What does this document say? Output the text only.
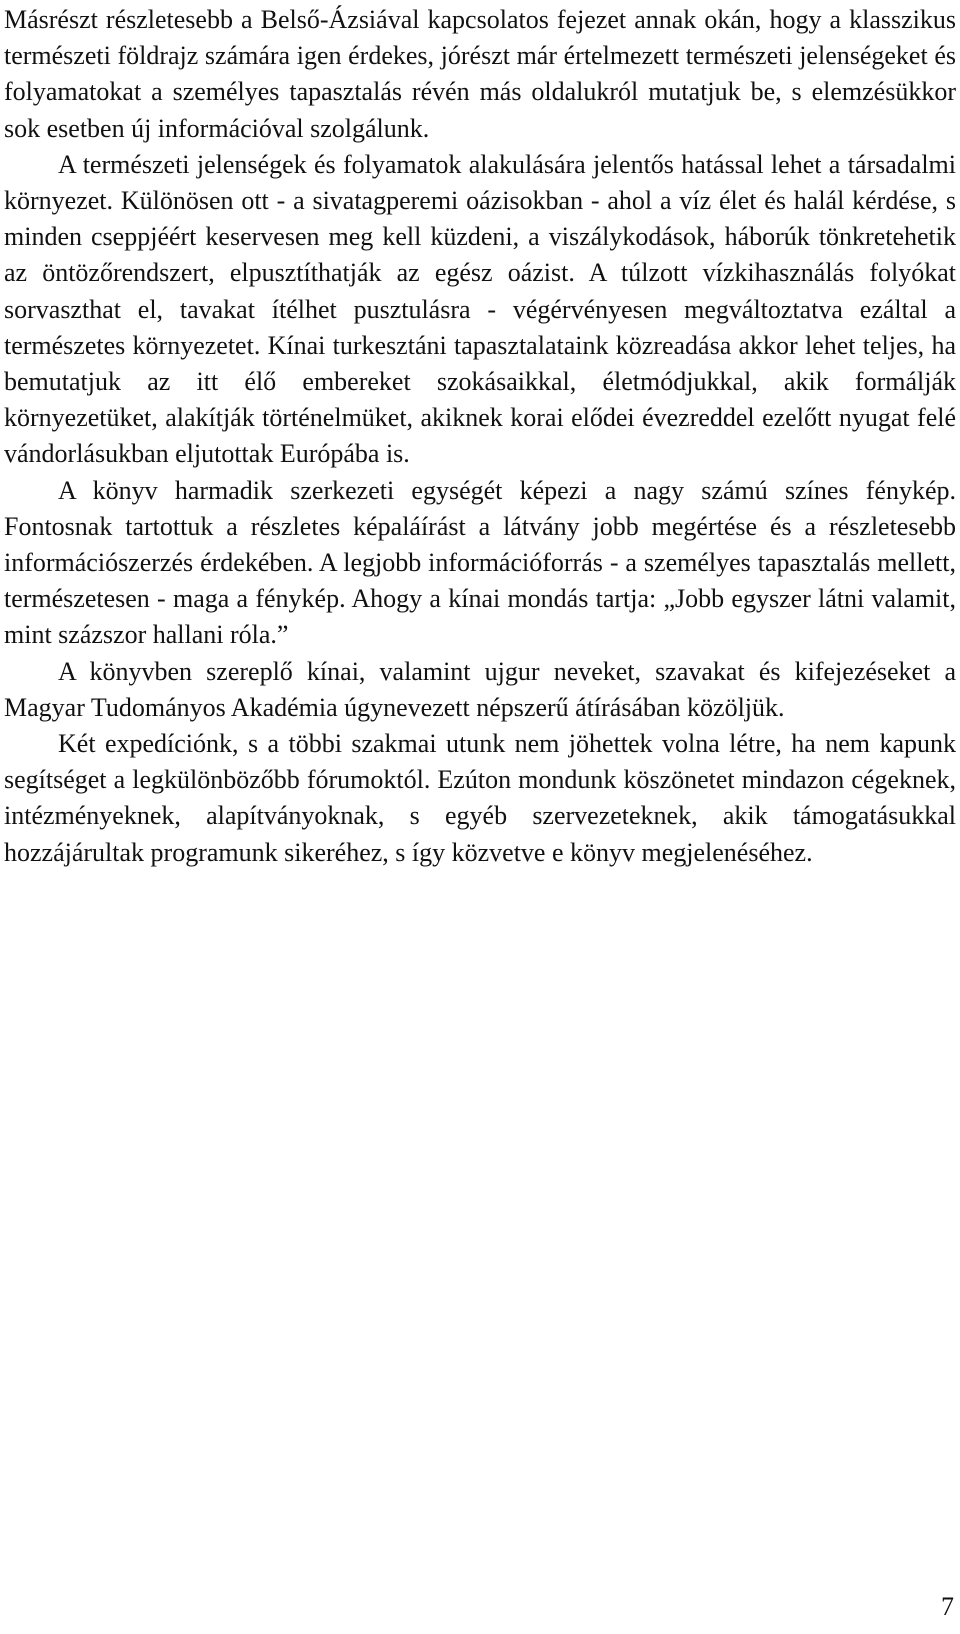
Másrészt részletesebb a Belső-Ázsiával kapcsolatos fejezet annak okán, hogy a klasszikus természeti földrajz számára igen érdekes, jórészt már értelmezett természeti jelenségeket és folyamatokat a személyes tapasztalás révén más oldalukról mutatjuk be, s elemzésükkor sok esetben új információval szolgálunk.

A természeti jelenségek és folyamatok alakulására jelentős hatással lehet a társadalmi környezet. Különösen ott - a sivatagperemi oázisokban - ahol a víz élet és halál kérdése, s minden csеppjéért keservesen meg kell küzdeni, a viszálykodások, háborúk tönkretehetik az öntözőrendszert, elpusztíthatják az egész oázist. A túlzott vízkihasználás folyókat sorvaszthat el, tavakat ítélhet pusztulásra - végérvényesen megváltoztatva ezáltal a természetes környezetet. Kínai turkesztáni tapasztalataink közreadása akkor lehet teljes, ha bemutatjuk az itt élő embereket szokásaikkal, életmódjukkal, akik formálják környezetüket, alakítják történelmüket, akiknek korai elődei évezreddel ezelőtt nyugat felé vándorlásukban eljutottak Európába is.

A könyv harmadik szerkezeti egységét képezi a nagy számú színes fénykép. Fontosnak tartottuk a részletes képaláírást a látvány jobb megértése és a részletesebb információszerzés érdekében. A legjobb információforrás - a személyes tapasztalás mellett, természetesen - maga a fénykép. Ahogy a kínai mondás tartja: „Jobb egyszer látni valamit, mint százszor hallani róla.”

A könyvben szereplő kínai, valamint ujgur neveket, szavakat és kifejezéseket a Magyar Tudományos Akadémia úgynevezett népszerű átírásában közöljük.

Két expedíciónk, s a többi szakmai utunk nem jöhettek volna létre, ha nem kapunk segítséget a legkülönbözőbb fórumoktól. Ezúton mondunk köszönetet mindazon cégeknek, intézményeknek, alapítványoknak, s egyéb szervezeteknek, akik támogatásukkal hozzájárultak programunk sikeréhez, s így közvetve e könyv megjelenéséhez.

7
